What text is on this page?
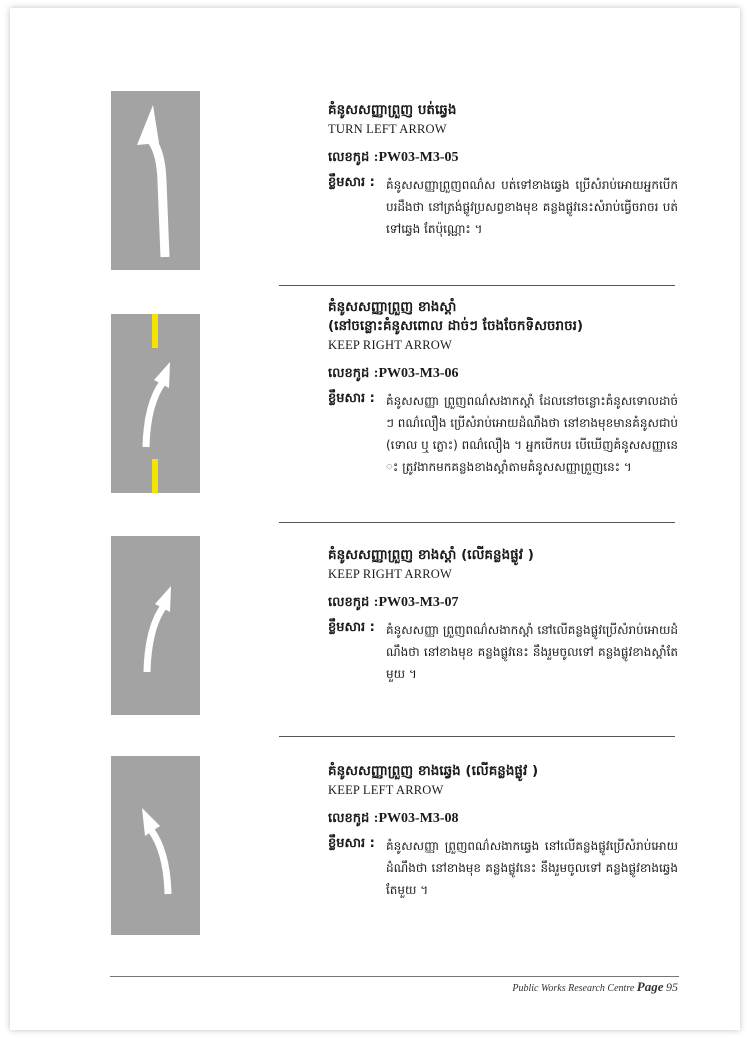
គំនូសសញ្ញាព្រួញ បត់ឆ្វេង
TURN LEFT ARROW
លេខកូដ :PW03-M3-05
ខ្លឹមសារ : គំនូសសញ្ញាព្រួញពណ៌ស បត់ទៅខាងឆ្វេង ប្រើសំរាប់អោយអ្នកបើកបរដឹងថា នៅត្រង់ផ្លូវប្រសព្វខាងមុខ គន្លងផ្លូវនេះសំរាប់ធ្វើចរាចរ បត់ទៅឆ្វេង តែប៉ុណ្ណោះ ។
គំនូសសញ្ញាព្រួញ ខាងស្តាំ
(នៅចន្លោះគំនូសពោល ដាច់ៗ ចែងចែកទិសចរាចរ)
KEEP RIGHT ARROW
លេខកូដ :PW03-M3-06
ខ្លឹមសារ : គំនូសសញ្ញា ព្រួញពណ៌សងាកស្តាំ ដែលនៅចន្លោះគំនូសទោលដាច់ៗ ពណ៌លឿង ប្រើសំរាប់អោយដំណឹងថា នៅខាងមុខមានគំនូសជាប់ (ទោល ឬ ភ្លោះ) ពណ៌លឿង ។ អ្នកបើកបរ បើឃើញគំនូសសញ្ញានេះ ត្រូវងាកមកគន្លងខាងស្តាំតាមគំនូសសញ្ញាព្រួញនេះ ។
គំនូសសញ្ញាព្រួញ ខាងស្តាំ (លើគន្លងផ្លូវ )
KEEP RIGHT ARROW
លេខកូដ :PW03-M3-07
ខ្លឹមសារ : គំនូសសញ្ញា ព្រួញពណ៌សងាកស្តាំ នៅលើគន្លងផ្លូវប្រើសំរាប់អោយដំណឹងថា នៅខាងមុខ គន្លងផ្លូវនេះ នឹងរួមចូលទៅ គន្លងផ្លូវខាងស្តាំតែមួយ ។
គំនូសសញ្ញាព្រួញ ខាងឆ្វេង (លើគន្លងផ្លូវ )
KEEP LEFT ARROW
លេខកូដ :PW03-M3-08
ខ្លឹមសារ : គំនូសសញ្ញា ព្រួញពណ៌សងាកឆ្វេង នៅលើគន្លងផ្លូវប្រើសំរាប់អោយដំណឹងថា នៅខាងមុខ គន្លងផ្លូវនេះ នឹងរួមចូលទៅ គន្លងផ្លូវខាងឆ្វេងតែមួយ ។
Public Works Research Centre Page 95
